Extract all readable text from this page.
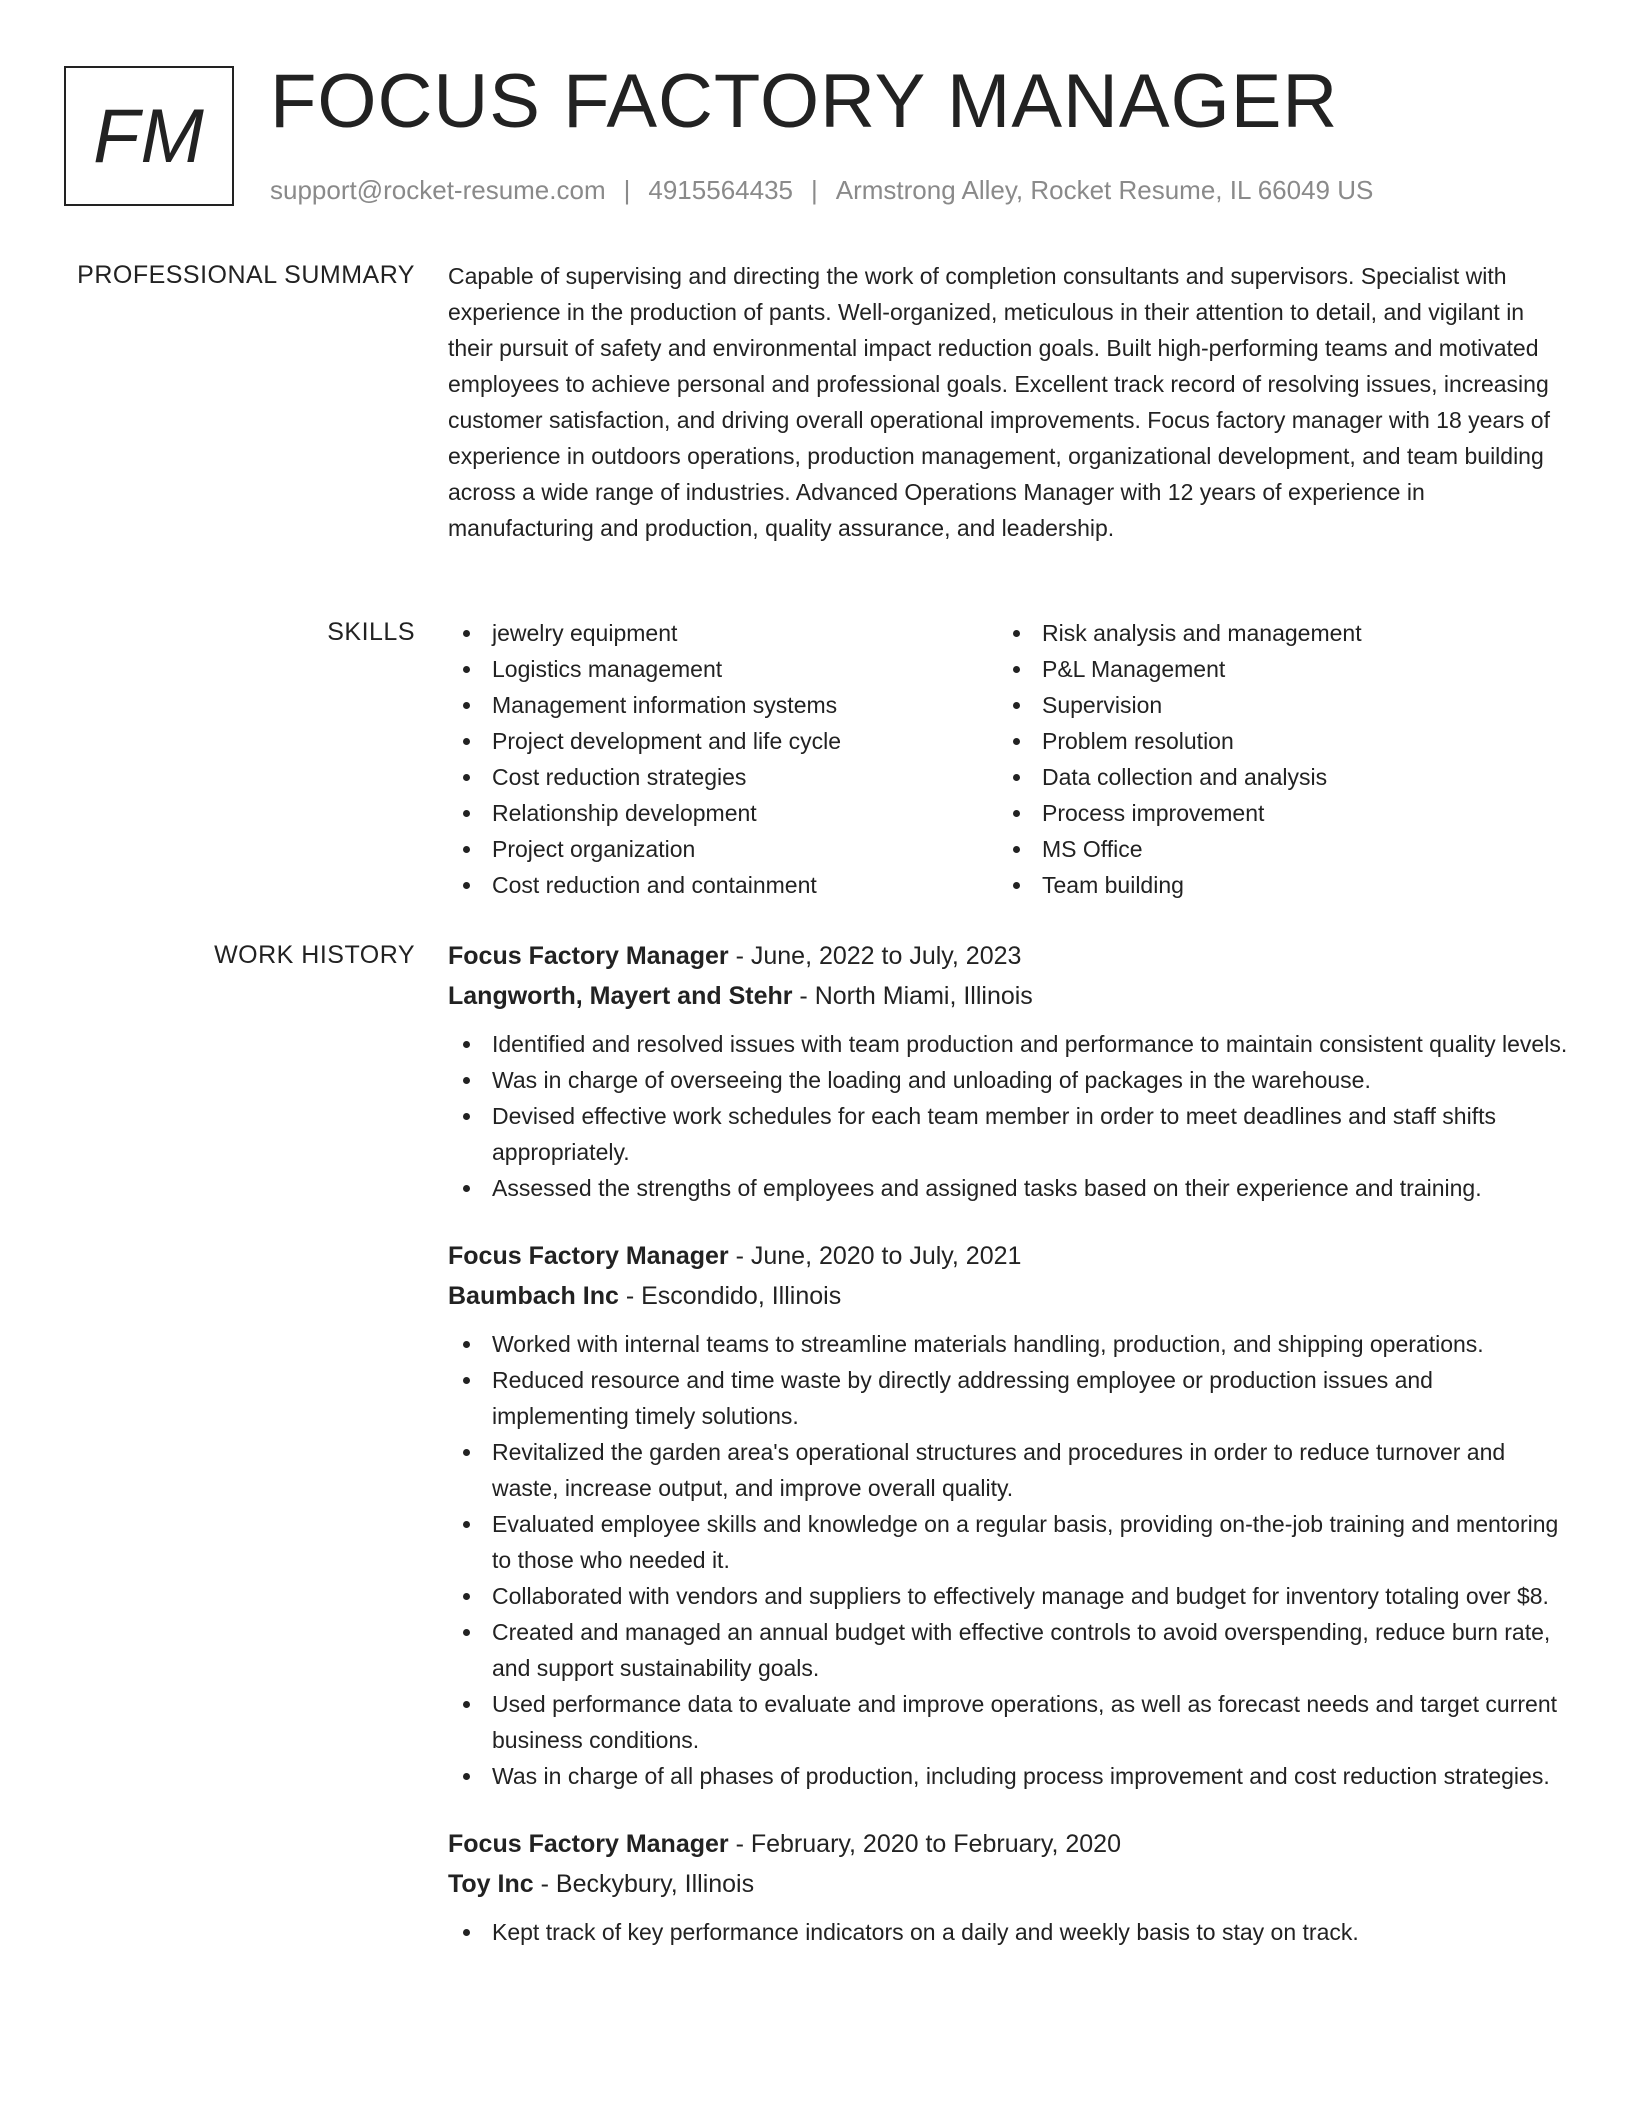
FM FOCUS FACTORY MANAGER
support@rocket-resume.com | 4915564435 | Armstrong Alley, Rocket Resume, IL 66049 US
PROFESSIONAL SUMMARY Capable of supervising and directing the work of completion consultants and supervisors. Specialist with experience in the production of pants. Well-organized, meticulous in their attention to detail, and vigilant in their pursuit of safety and environmental impact reduction goals. Built high-performing teams and motivated employees to achieve personal and professional goals. Excellent track record of resolving issues, increasing customer satisfaction, and driving overall operational improvements. Focus factory manager with 18 years of experience in outdoors operations, production management, organizational development, and team building across a wide range of industries. Advanced Operations Manager with 12 years of experience in manufacturing and production, quality assurance, and leadership.

SKILLS	jewelry equipment
Logistics management
Management information systems
Project development and life cycle
Cost reduction strategies
Relationship development
Project organization
Cost reduction and containment
Risk analysis and management
P&L Management
Supervision
Problem resolution
Data collection and analysis
Process improvement
MS Office
Team building
WORK HISTORY Focus Factory Manager - June, 2022 to July, 2023
Langworth, Mayert and Stehr - North Miami, Illinois
Identified and resolved issues with team production and performance to maintain consistent quality levels.
Was in charge of overseeing the loading and unloading of packages in the warehouse.
Devised effective work schedules for each team member in order to meet deadlines and staff shifts appropriately.
Assessed the strengths of employees and assigned tasks based on their experience and training.
Focus Factory Manager - June, 2020 to July, 2021
Baumbach Inc - Escondido, Illinois
Worked with internal teams to streamline materials handling, production, and shipping operations.
Reduced resource and time waste by directly addressing employee or production issues and implementing timely solutions.
Revitalized the garden area's operational structures and procedures in order to reduce turnover and waste, increase output, and improve overall quality.
Evaluated employee skills and knowledge on a regular basis, providing on-the-job training and mentoring to those who needed it.
Collaborated with vendors and suppliers to effectively manage and budget for inventory totaling over $8.
Created and managed an annual budget with effective controls to avoid overspending, reduce burn rate, and support sustainability goals.
Used performance data to evaluate and improve operations, as well as forecast needs and target current business conditions.
Was in charge of all phases of production, including process improvement and cost reduction strategies.
Focus Factory Manager - February, 2020 to February, 2020
Toy Inc - Beckybury, Illinois
Kept track of key performance indicators on a daily and weekly basis to stay on track.
